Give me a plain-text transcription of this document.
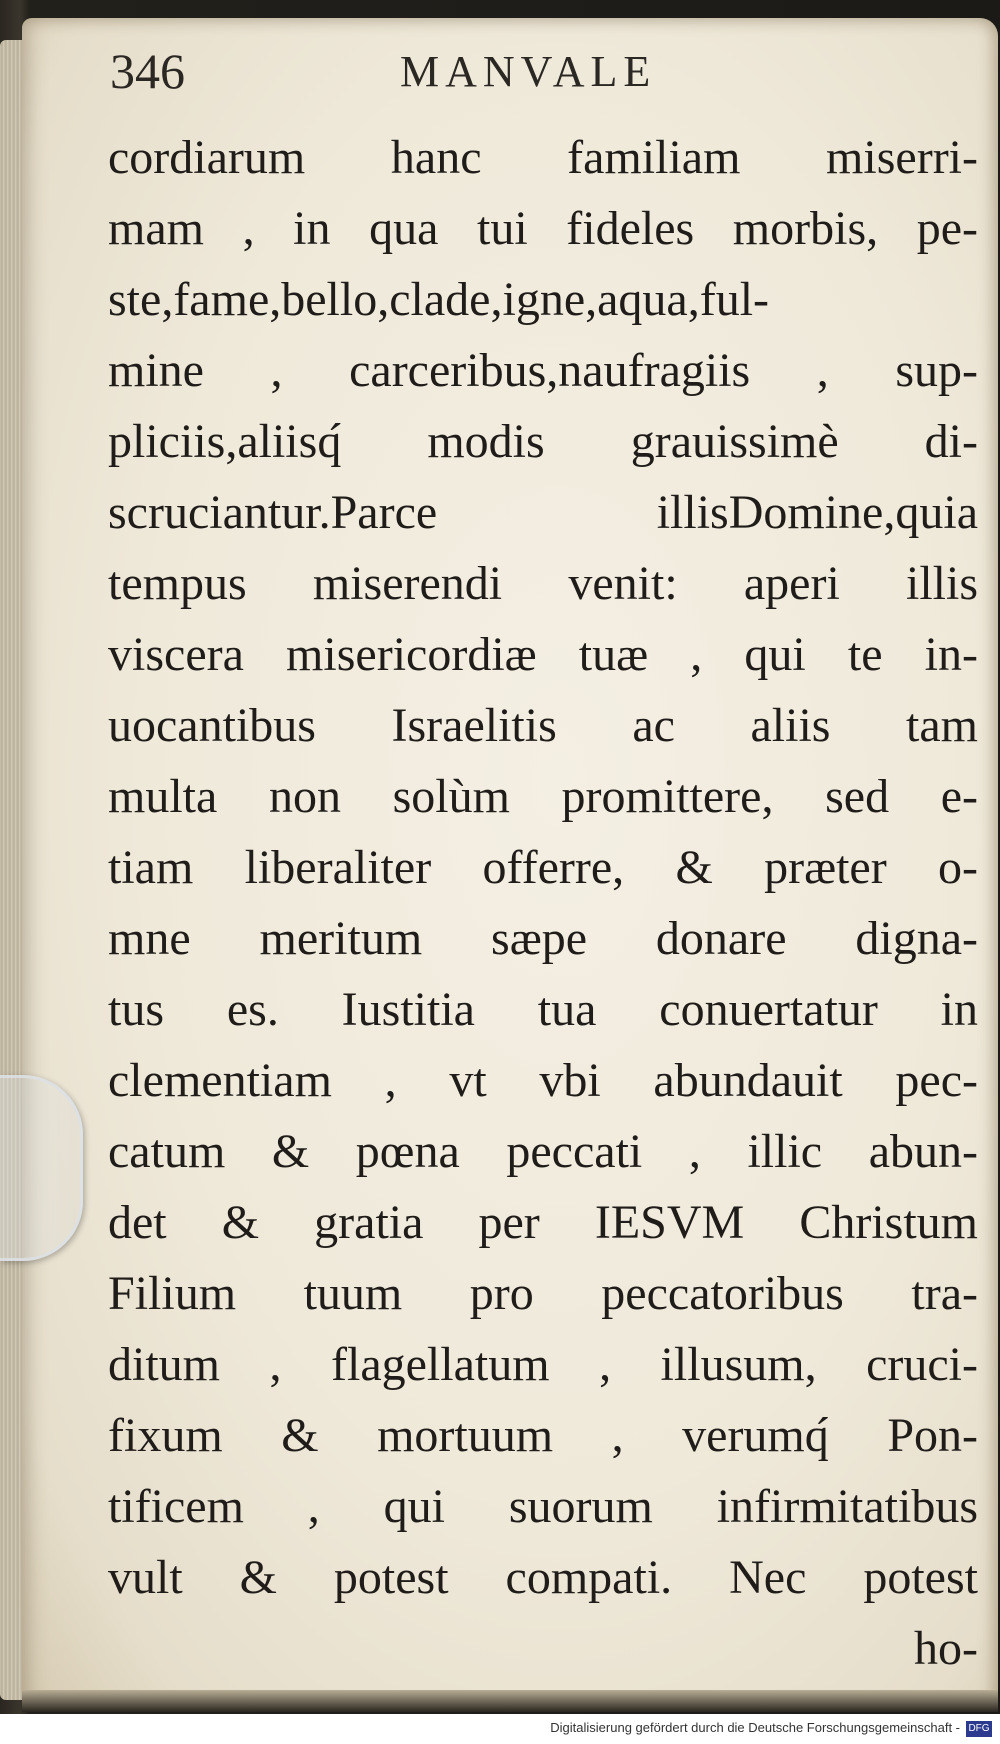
346	MANVALE
cordiarum hanc familiam miserri-
mam , in qua tui fideles morbis, pe-
ste,fame,bello,clade,igne,aqua,ful-
mine , carceribus,naufragiis , sup-
pliciis,aliisq́ modis grauissimè di-
scruciantur.Parce illisDomine,quia
tempus miserendi venit: aperi illis
viscera misericordiæ tuæ , qui te in-
uocantibus Israelitis ac aliis tam
multa non solùm promittere, sed e-
tiam liberaliter offerre, & præter o-
mne meritum sæpe donare digna-
tus es. Iustitia tua conuertatur in
clementiam , vt vbi abundauit pec-
catum & pœna peccati , illic abun-
det & gratia per IESVM Christum
Filium tuum pro peccatoribus tra-
ditum , flagellatum , illusum, cruci-
fixum & mortuum , verumq́ Pon-
tificem , qui suorum infirmitatibus
vult & potest compati. Nec potest
ho-
Digitalisierung gefördert durch die Deutsche Forschungsgemeinschaft - DFG
